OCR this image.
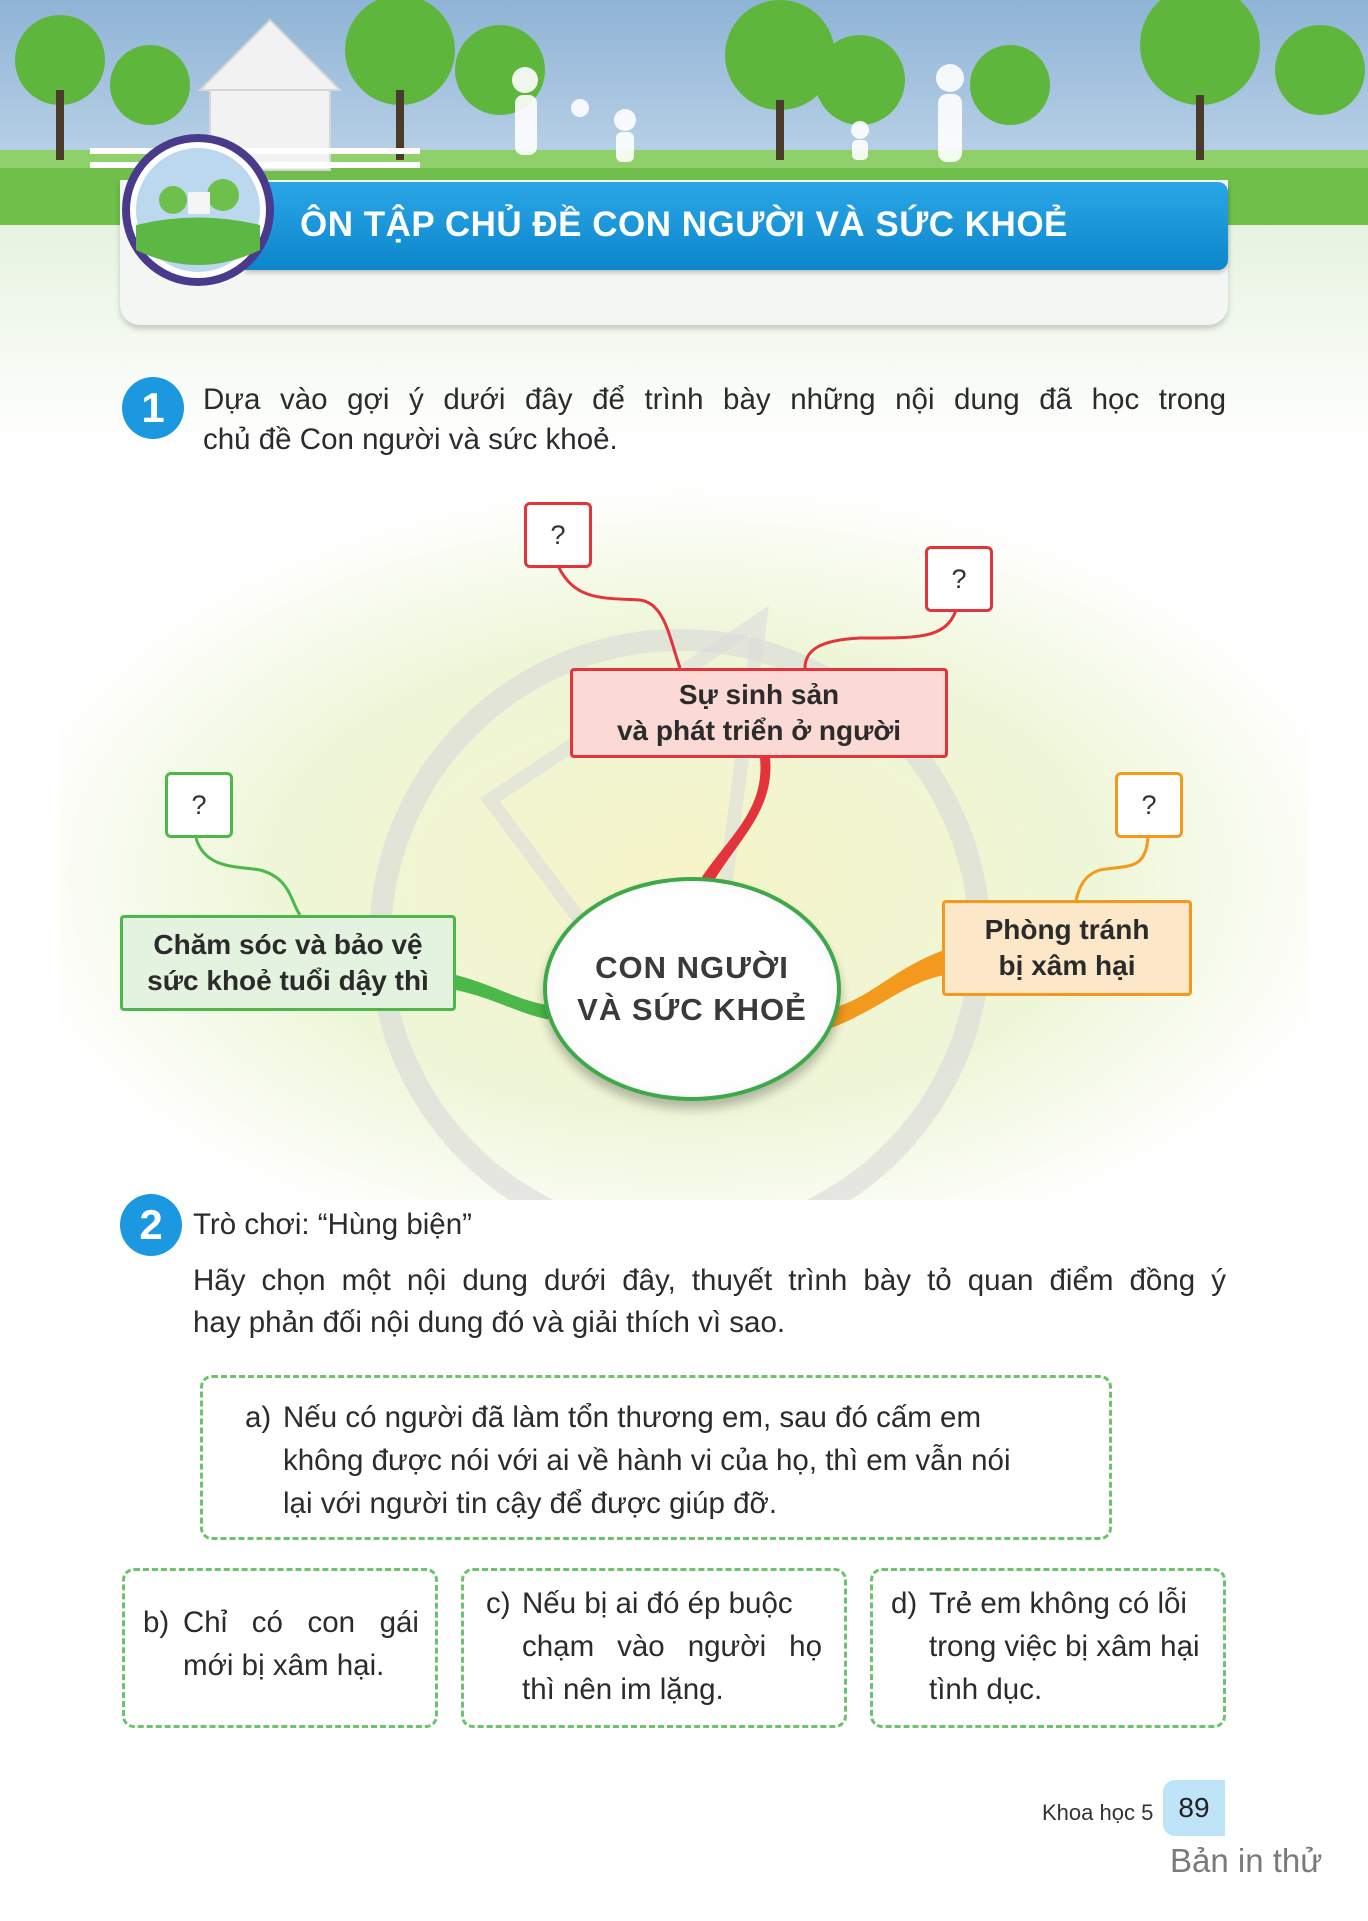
ÔN TẬP CHỦ ĐỀ CON NGƯỜI VÀ SỨC KHOẺ
1	Dựa vào gợi ý dưới đây để trình bày những nội dung đã học trong
chủ đề Con người và sức khoẻ.
?
?
?	?
Sự sinh sản
và phát triển ở người
Chăm sóc và bảo vệ
sức khoẻ tuổi dậy thì
Phòng tránh
bị xâm hại
CON NGƯỜI
VÀ SỨC KHOẺ
2	Trò chơi: “Hùng biện”
Hãy chọn một nội dung dưới đây, thuyết trình bày tỏ quan điểm đồng ý
hay phản đối nội dung đó và giải thích vì sao.
a) Nếu có người đã làm tổn thương em, sau đó cấm em
không được nói với ai về hành vi của họ, thì em vẫn nói
lại với người tin cậy để được giúp đỡ.
b) Chỉ có con gái
mới bị xâm hại.
c) Nếu bị ai đó ép buộc
chạm vào người họ
thì nên im lặng.
d) Trẻ em không có lỗi
trong việc bị xâm hại
tình dục.
Khoa học 5 89
Bản in thử
